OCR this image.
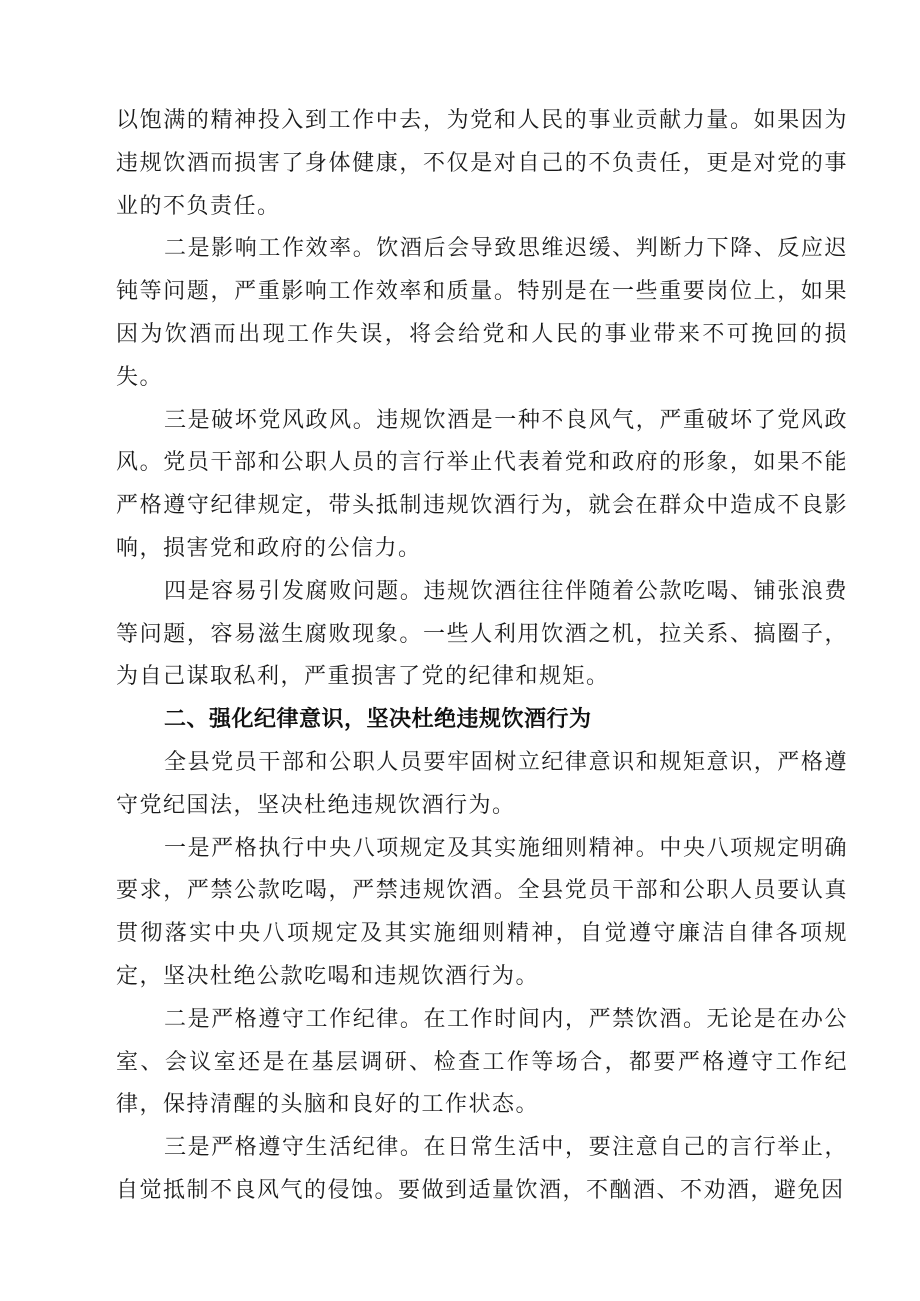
以饱满的精神投入到工作中去，为党和人民的事业贡献力量。如果因为违规饮酒而损害了身体健康，不仅是对自己的不负责任，更是对党的事业的不负责任。

二是影响工作效率。饮酒后会导致思维迟缓、判断力下降、反应迟钝等问题，严重影响工作效率和质量。特别是在一些重要岗位上，如果因为饮酒而出现工作失误，将会给党和人民的事业带来不可挽回的损失。

三是破坏党风政风。违规饮酒是一种不良风气，严重破坏了党风政风。党员干部和公职人员的言行举止代表着党和政府的形象，如果不能严格遵守纪律规定，带头抵制违规饮酒行为，就会在群众中造成不良影响，损害党和政府的公信力。

四是容易引发腐败问题。违规饮酒往往伴随着公款吃喝、铺张浪费等问题，容易滋生腐败现象。一些人利用饮酒之机，拉关系、搞圈子，为自己谋取私利，严重损害了党的纪律和规矩。

二、强化纪律意识，坚决杜绝违规饮酒行为

全县党员干部和公职人员要牢固树立纪律意识和规矩意识，严格遵守党纪国法，坚决杜绝违规饮酒行为。

一是严格执行中央八项规定及其实施细则精神。中央八项规定明确要求，严禁公款吃喝，严禁违规饮酒。全县党员干部和公职人员要认真贯彻落实中央八项规定及其实施细则精神，自觉遵守廉洁自律各项规定，坚决杜绝公款吃喝和违规饮酒行为。

二是严格遵守工作纪律。在工作时间内，严禁饮酒。无论是在办公室、会议室还是在基层调研、检查工作等场合，都要严格遵守工作纪律，保持清醒的头脑和良好的工作状态。

三是严格遵守生活纪律。在日常生活中，要注意自己的言行举止，自觉抵制不良风气的侵蚀。要做到适量饮酒，不酗酒、不劝酒，避免因
